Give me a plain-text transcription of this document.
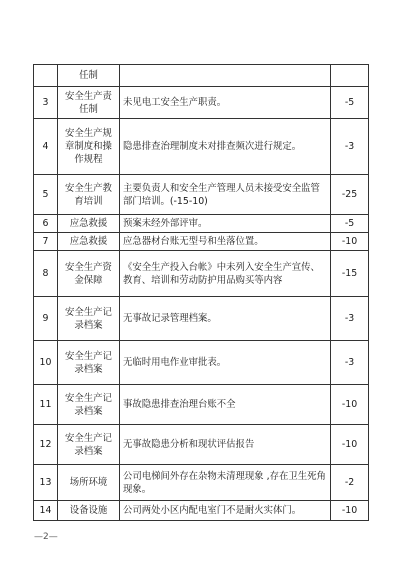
	任制		
3	安全生产责任制	未见电工安全生产职责。	-5
4	安全生产规章制度和操作规程	隐患排查治理制度未对排查频次进行规定。	-3
5	安全生产教育培训	主要负责人和安全生产管理人员未接受安全监管部门培训。(-15-10)	-25
6	应急救援	预案未经外部评审。	-5
7	应急救援	应急器材台账无型号和坐落位置。	-10
8	安全生产资金保障	《安全生产投入台帐》中未列入安全生产宣传、教育、培训和劳动防护用品购买等内容	-15
9	安全生产记录档案	无事故记录管理档案。	-3
10	安全生产记录档案	无临时用电作业审批表。	-3
11	安全生产记录档案	事故隐患排查治理台账不全	-10
12	安全生产记录档案	无事故隐患分析和现状评估报告	-10
13	场所环境	公司电梯间外存在杂物未清理现象 ,存在卫生死角现象。	-2
14	设备设施	公司两处小区内配电室门不是耐火实体门。	-10
—2—
